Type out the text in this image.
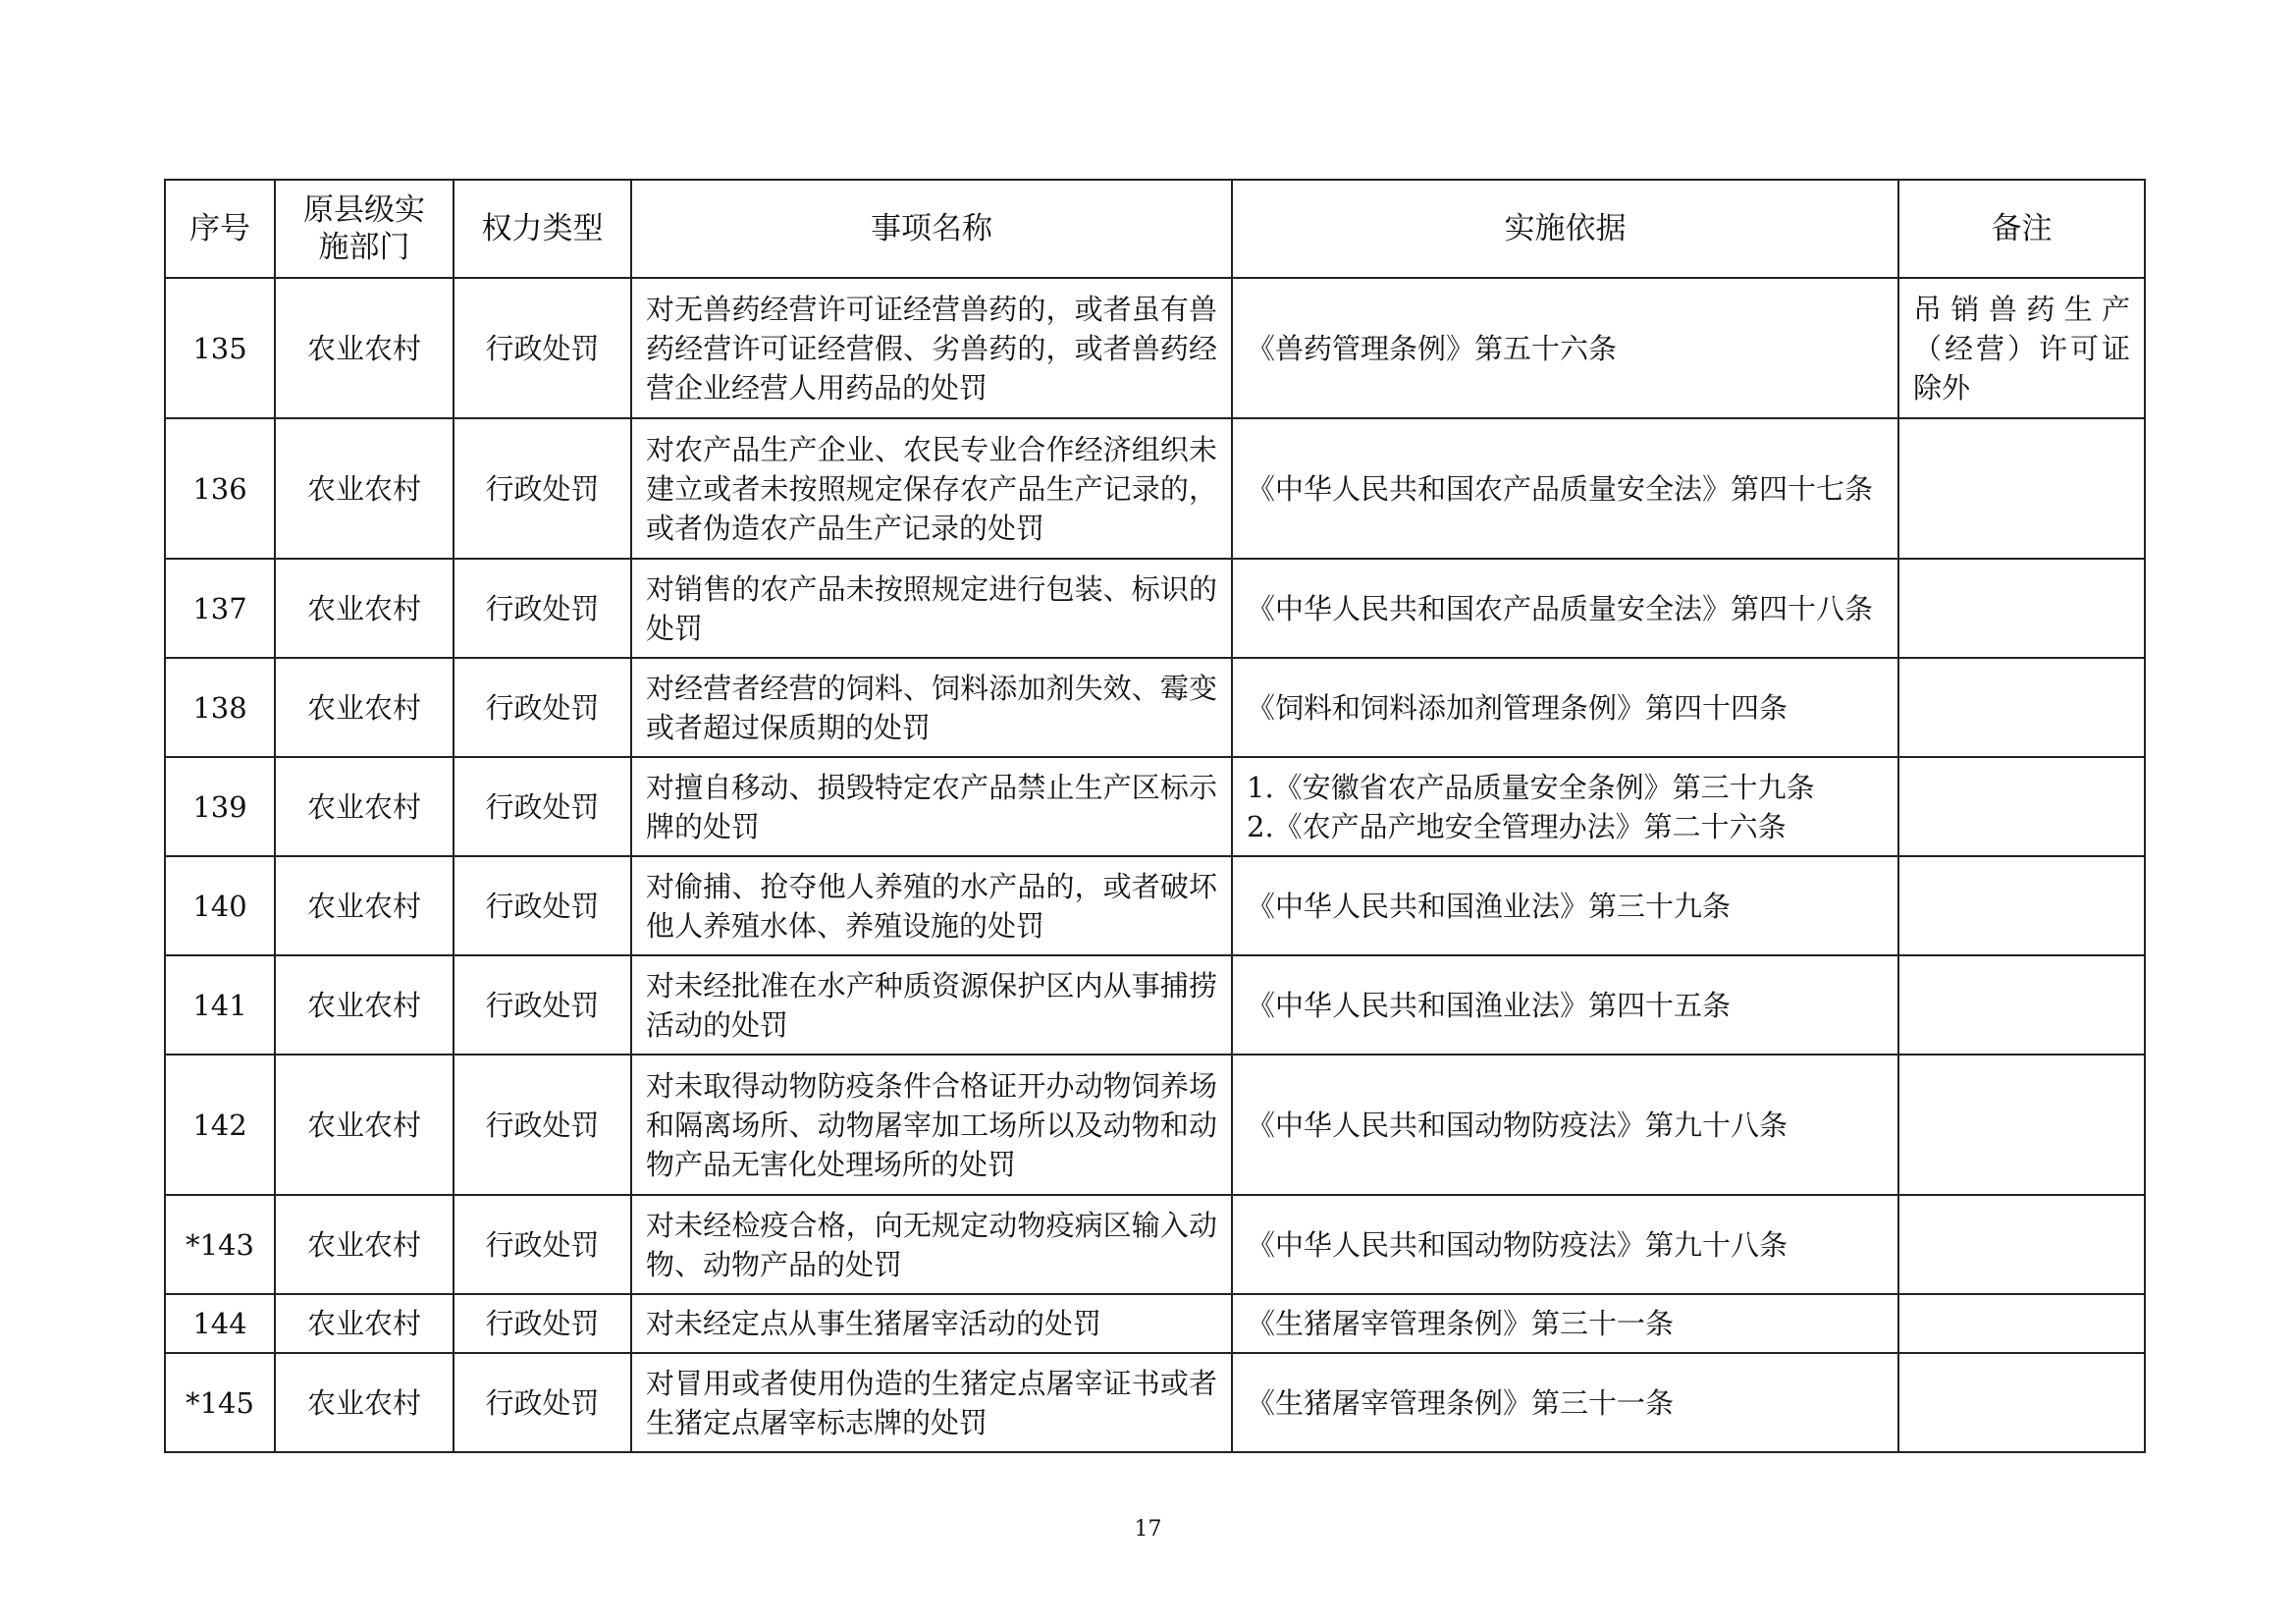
序号	原县级实施部门	权力类型	事项名称	实施依据	备注
135	农业农村	行政处罚	对无兽药经营许可证经营兽药的，或者虽有兽药经营许可证经营假、劣兽药的，或者兽药经营企业经营人用药品的处罚	《兽药管理条例》第五十六条	吊销兽药生产（经营）许可证除外
136	农业农村	行政处罚	对农产品生产企业、农民专业合作经济组织未建立或者未按照规定保存农产品生产记录的，或者伪造农产品生产记录的处罚	《中华人民共和国农产品质量安全法》第四十七条	

137	农业农村	行政处罚	对销售的农产品未按照规定进行包装、标识的处罚	《中华人民共和国农产品质量安全法》第四十八条	

138	农业农村	行政处罚	对经营者经营的饲料、饲料添加剂失效、霉变或者超过保质期的处罚	《饲料和饲料添加剂管理条例》第四十四条	

139	农业农村	行政处罚	对擅自移动、损毁特定农产品禁止生产区标示牌的处罚	1.《安徽省农产品质量安全条例》第三十九条
2.《农产品产地安全管理办法》第二十六条	

140	农业农村	行政处罚	对偷捕、抢夺他人养殖的水产品的，或者破坏他人养殖水体、养殖设施的处罚	《中华人民共和国渔业法》第三十九条	

141	农业农村	行政处罚	对未经批准在水产种质资源保护区内从事捕捞活动的处罚	《中华人民共和国渔业法》第四十五条	

142	农业农村	行政处罚	对未取得动物防疫条件合格证开办动物饲养场和隔离场所、动物屠宰加工场所以及动物和动物产品无害化处理场所的处罚	《中华人民共和国动物防疫法》第九十八条	

*143	农业农村	行政处罚	对未经检疫合格，向无规定动物疫病区输入动物、动物产品的处罚	《中华人民共和国动物防疫法》第九十八条	

144	农业农村	行政处罚	对未经定点从事生猪屠宰活动的处罚	《生猪屠宰管理条例》第三十一条	

*145	农业农村	行政处罚	对冒用或者使用伪造的生猪定点屠宰证书或者生猪定点屠宰标志牌的处罚	《生猪屠宰管理条例》第三十一条	

17
